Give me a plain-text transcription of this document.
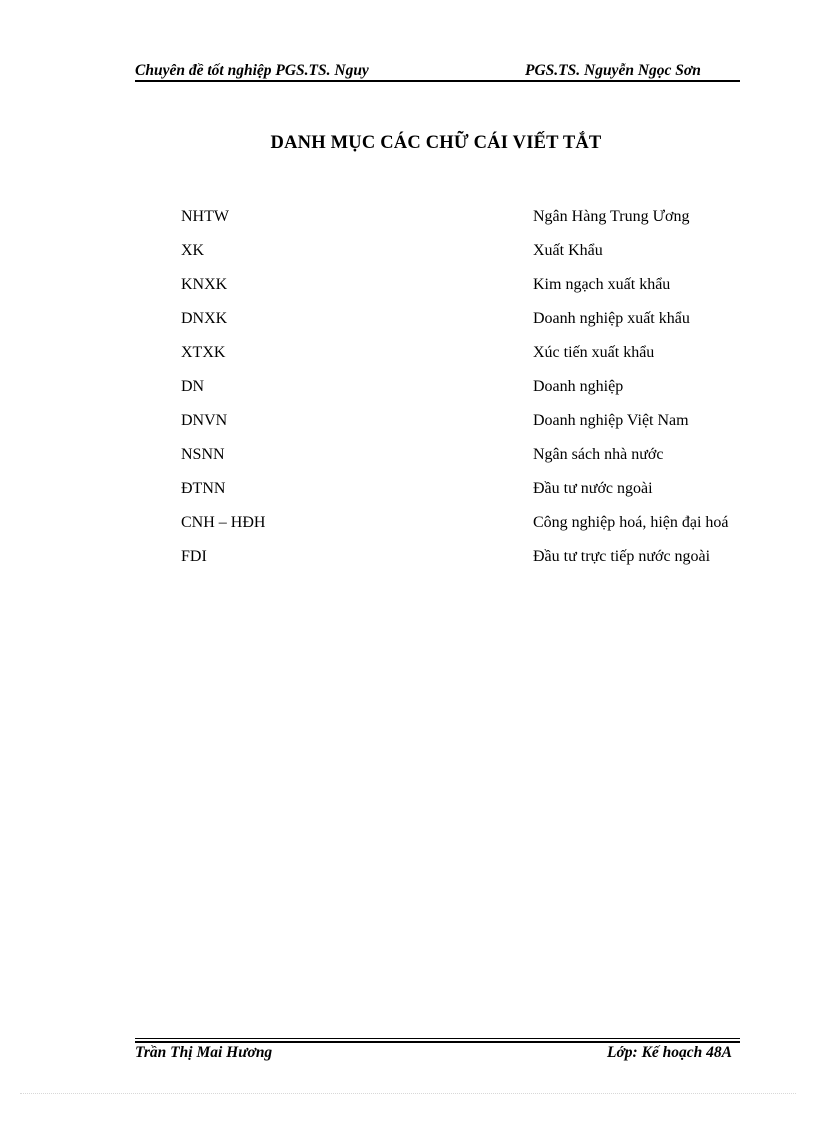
Chuyên đề tốt nghiệp PGS.TS. Nguy	PGS.TS. Nguyễn Ngọc Sơn
DANH MỤC CÁC CHỮ CÁI VIẾT TẮT
NHTW	Ngân Hàng Trung Ương
XK	Xuất Khẩu
KNXK	Kim ngạch xuất khẩu
DNXK	Doanh nghiệp xuất khẩu
XTXK	Xúc tiến xuất khẩu
DN	Doanh nghiệp
DNVN	Doanh nghiệp Việt Nam
NSNN	Ngân sách nhà nước
ĐTNN	Đầu tư nước ngoài
CNH – HĐH	Công nghiệp hoá, hiện đại hoá
FDI	Đầu tư trực tiếp nước ngoài
Trần Thị Mai Hương	Lớp: Kế hoạch 48A
